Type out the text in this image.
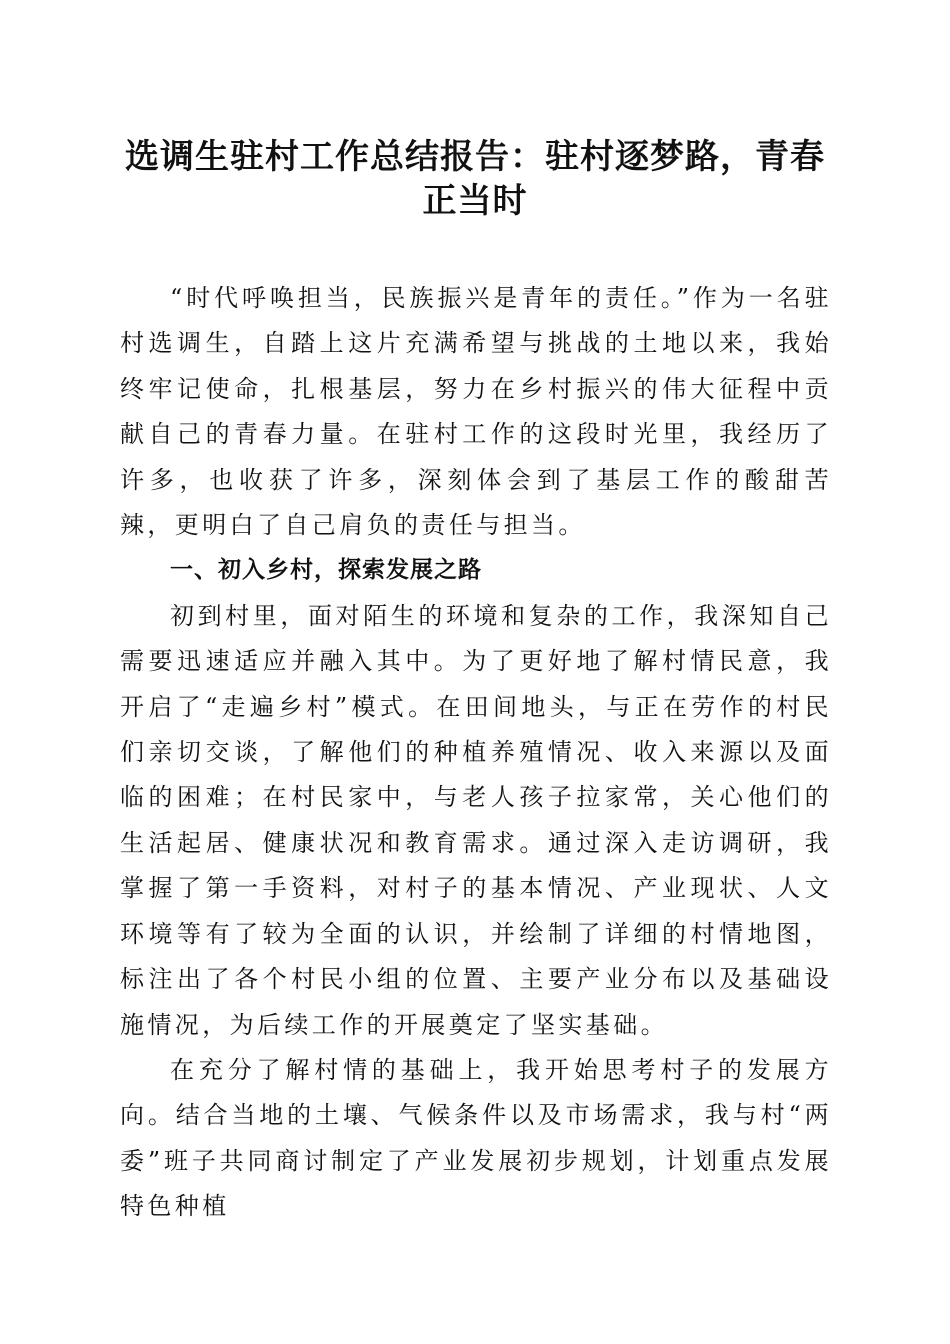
选调生驻村工作总结报告：驻村逐梦路，青春
正当时

“时代呼唤担当，民族振兴是青年的责任。”作为一名驻村选调生，自踏上这片充满希望与挑战的土地以来，我始终牢记使命，扎根基层，努力在乡村振兴的伟大征程中贡献自己的青春力量。在驻村工作的这段时光里，我经历了许多，也收获了许多，深刻体会到了基层工作的酸甜苦辣，更明白了自己肩负的责任与担当。

一、初入乡村，探索发展之路

初到村里，面对陌生的环境和复杂的工作，我深知自己需要迅速适应并融入其中。为了更好地了解村情民意，我开启了“走遍乡村”模式。在田间地头，与正在劳作的村民们亲切交谈，了解他们的种植养殖情况、收入来源以及面临的困难；在村民家中，与老人孩子拉家常，关心他们的生活起居、健康状况和教育需求。通过深入走访调研，我掌握了第一手资料，对村子的基本情况、产业现状、人文环境等有了较为全面的认识，并绘制了详细的村情地图，标注出了各个村民小组的位置、主要产业分布以及基础设施情况，为后续工作的开展奠定了坚实基础。

在充分了解村情的基础上，我开始思考村子的发展方向。结合当地的土壤、气候条件以及市场需求，我与村“两委”班子共同商讨制定了产业发展初步规划，计划重点发展特色种植
